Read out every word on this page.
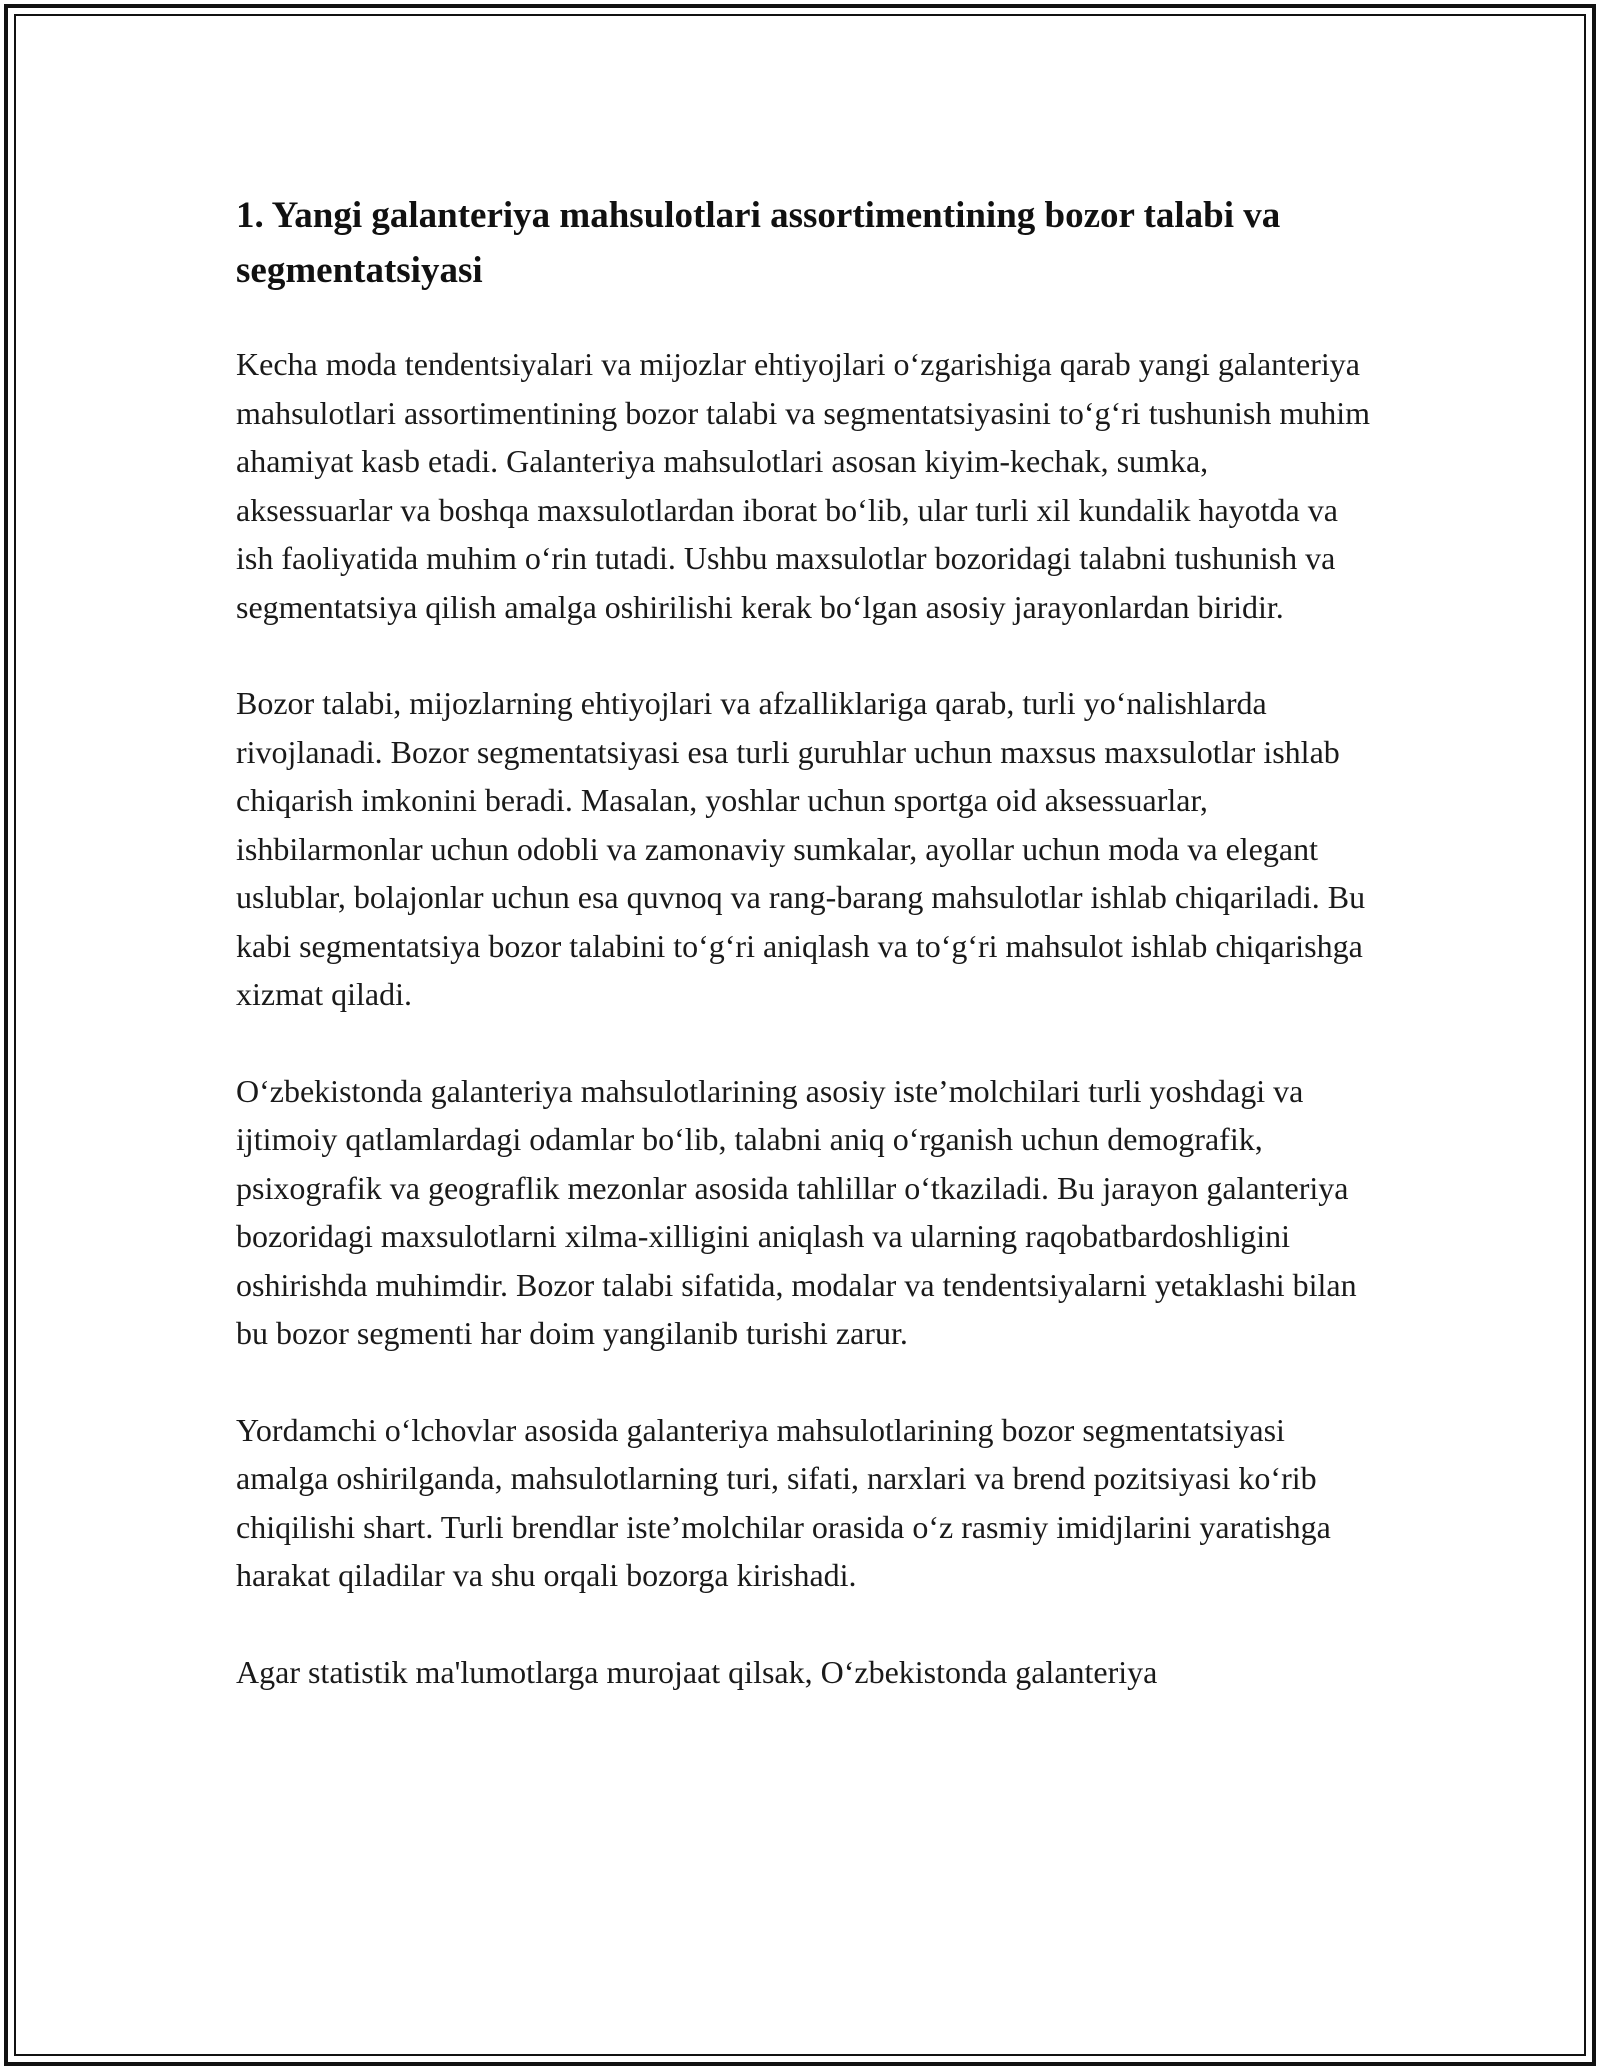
1. Yangi galanteriya mahsulotlari assortimentining bozor talabi va segmentatsiyasi

Kecha moda tendentsiyalari va mijozlar ehtiyojlari o‘zgarishiga qarab yangi galanteriya mahsulotlari assortimentining bozor talabi va segmentatsiyasini to‘g‘ri tushunish muhim ahamiyat kasb etadi. Galanteriya mahsulotlari asosan kiyim-kechak, sumka, aksessuarlar va boshqa maxsulotlardan iborat bo‘lib, ular turli xil kundalik hayotda va ish faoliyatida muhim o‘rin tutadi. Ushbu maxsulotlar bozoridagi talabni tushunish va segmentatsiya qilish amalga oshirilishi kerak bo‘lgan asosiy jarayonlardan biridir.

Bozor talabi, mijozlarning ehtiyojlari va afzalliklariga qarab, turli yo‘nalishlarda rivojlanadi. Bozor segmentatsiyasi esa turli guruhlar uchun maxsus maxsulotlar ishlab chiqarish imkonini beradi. Masalan, yoshlar uchun sportga oid aksessuarlar, ishbilarmonlar uchun odobli va zamonaviy sumkalar, ayollar uchun moda va elegant uslublar, bolajonlar uchun esa quvnoq va rang-barang mahsulotlar ishlab chiqariladi. Bu kabi segmentatsiya bozor talabini to‘g‘ri aniqlash va to‘g‘ri mahsulot ishlab chiqarishga xizmat qiladi.

O‘zbekistonda galanteriya mahsulotlarining asosiy iste’molchilari turli yoshdagi va ijtimoiy qatlamlardagi odamlar bo‘lib, talabni aniq o‘rganish uchun demografik, psixografik va geograflik mezonlar asosida tahlillar o‘tkaziladi. Bu jarayon galanteriya bozoridagi maxsulotlarni xilma-xilligini aniqlash va ularning raqobatbardoshligini oshirishda muhimdir. Bozor talabi sifatida, modalar va tendentsiyalarni yetaklashi bilan bu bozor segmenti har doim yangilanib turishi zarur.

Yordamchi o‘lchovlar asosida galanteriya mahsulotlarining bozor segmentatsiyasi amalga oshirilganda, mahsulotlarning turi, sifati, narxlari va brend pozitsiyasi ko‘rib chiqilishi shart. Turli brendlar iste’molchilar orasida o‘z rasmiy imidjlarini yaratishga harakat qiladilar va shu orqali bozorga kirishadi.

Agar statistik ma'lumotlarga murojaat qilsak, O‘zbekistonda galanteriya
